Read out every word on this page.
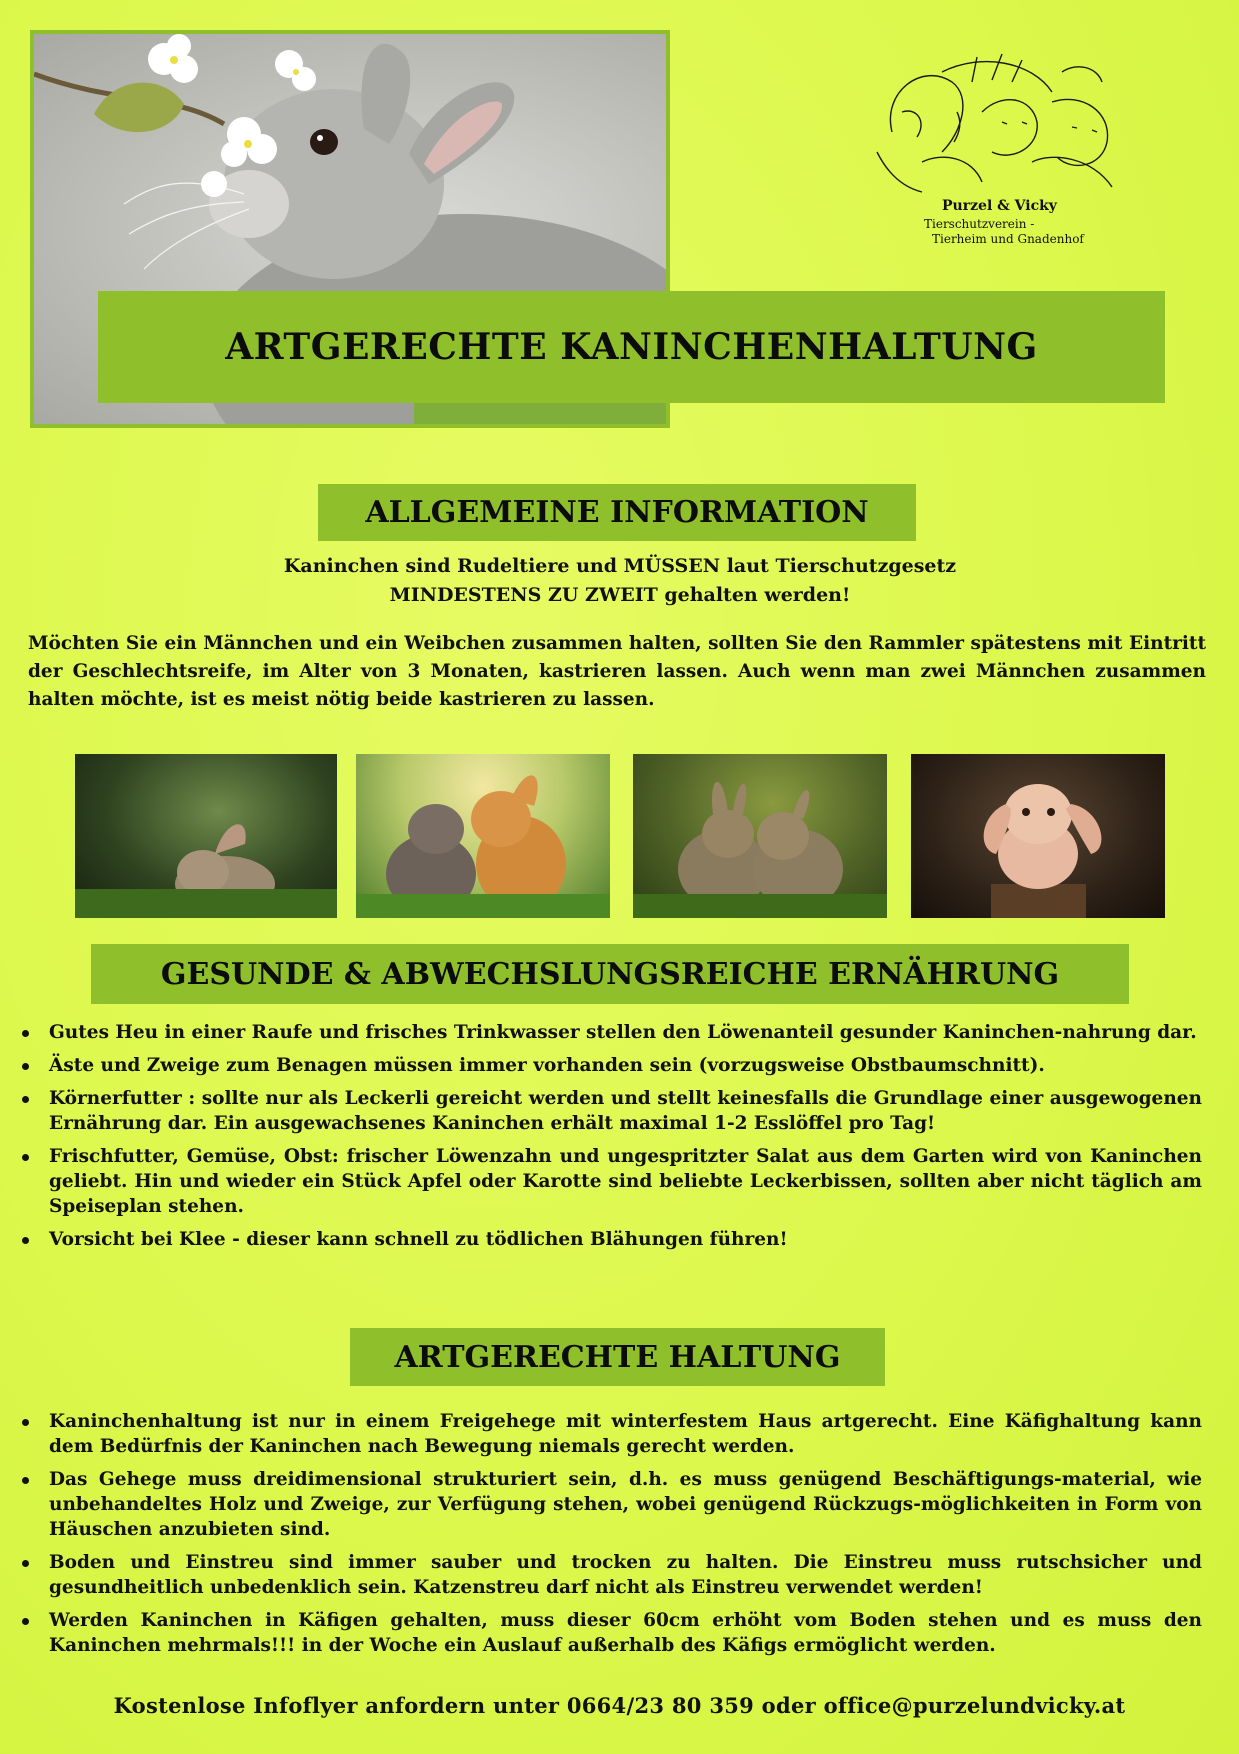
ARTGERECHTE KANINCHENHALTUNG
Purzel & Vicky
Tierschutzverein -
Tierheim und Gnadenhof
ALLGEMEINE INFORMATION
Kaninchen sind Rudeltiere und MÜSSEN laut Tierschutzgesetz
MINDESTENS ZU ZWEIT gehalten werden!
Möchten Sie ein Männchen und ein Weibchen zusammen halten, sollten Sie den Rammler spätestens mit Eintritt der Geschlechtsreife, im Alter von 3 Monaten, kastrieren lassen. Auch wenn man zwei Männchen zusammen halten möchte, ist es meist nötig beide kastrieren zu lassen.
GESUNDE & ABWECHSLUNGSREICHE ERNÄHRUNG
Gutes Heu in einer Raufe und frisches Trinkwasser stellen den Löwenanteil gesunder Kaninchen-nahrung dar.
Äste und Zweige zum Benagen müssen immer vorhanden sein (vorzugsweise Obstbaumschnitt).
Körnerfutter : sollte nur als Leckerli gereicht werden und stellt keinesfalls die Grundlage einer ausgewogenen Ernährung dar. Ein ausgewachsenes Kaninchen erhält maximal 1-2 Esslöffel pro Tag!
Frischfutter, Gemüse, Obst: frischer Löwenzahn und ungespritzter Salat aus dem Garten wird von Kaninchen geliebt. Hin und wieder ein Stück Apfel oder Karotte sind beliebte Leckerbissen, sollten aber nicht täglich am Speiseplan stehen.
Vorsicht bei Klee - dieser kann schnell zu tödlichen Blähungen führen!
ARTGERECHTE HALTUNG
Kaninchenhaltung ist nur in einem Freigehege mit winterfestem Haus artgerecht. Eine Käfighaltung kann dem Bedürfnis der Kaninchen nach Bewegung niemals gerecht werden.
Das Gehege muss dreidimensional strukturiert sein, d.h. es muss genügend Beschäftigungs-material, wie unbehandeltes Holz und Zweige, zur Verfügung stehen, wobei genügend Rückzugs-möglichkeiten in Form von Häuschen anzubieten sind.
Boden und Einstreu sind immer sauber und trocken zu halten. Die Einstreu muss rutschsicher und gesundheitlich unbedenklich sein. Katzenstreu darf nicht als Einstreu verwendet werden!
Werden Kaninchen in Käfigen gehalten, muss dieser 60cm erhöht vom Boden stehen und es muss den Kaninchen mehrmals!!! in der Woche ein Auslauf außerhalb des Käfigs ermöglicht werden.
Kostenlose Infoflyer anfordern unter 0664/23 80 359 oder office@purzelundvicky.at
